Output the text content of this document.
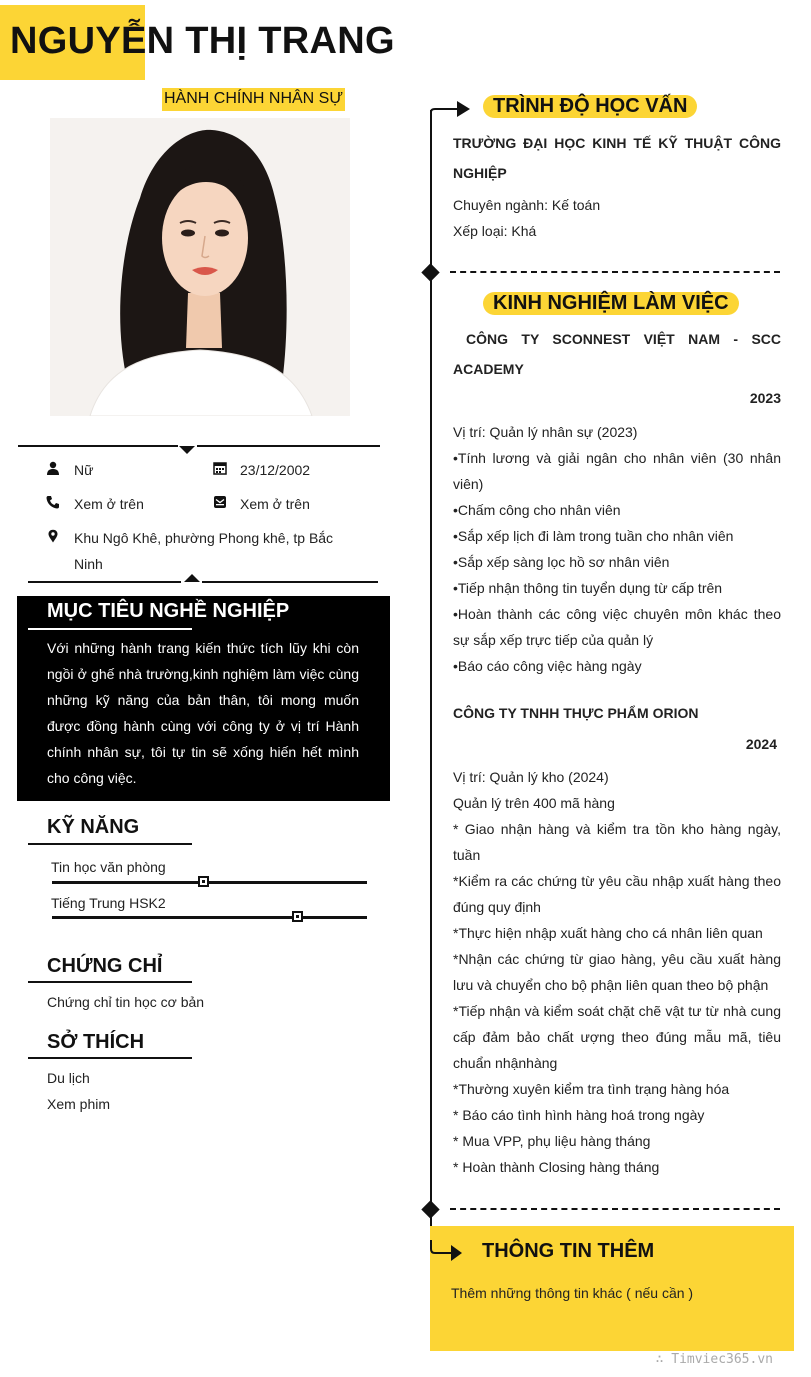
NGUYỄN THỊ TRANG
HÀNH CHÍNH NHÂN SỰ
Nữ	23/12/2002
Xem ở trên	Xem ở trên
Khu Ngô Khê, phường Phong khê, tp Bắc
Ninh
MỤC TIÊU NGHỀ NGHIỆP
Với những hành trang kiến thức tích lũy khi còn ngồi ở ghế nhà trường,kinh nghiệm làm việc cùng những kỹ năng của bản thân, tôi mong muốn được đồng hành cùng với công ty ở vị trí Hành chính nhân sự, tôi tự tin sẽ xống hiến hết mình cho công việc.
KỸ NĂNG
Tin học văn phòng
Tiếng Trung HSK2
CHỨNG CHỈ
Chứng chỉ tin học cơ bản
SỞ THÍCH
Du lịch
Xem phim
TRÌNH ĐỘ HỌC VẤN
TRƯỜNG ĐẠI HỌC KINH TẾ KỸ THUẬT CÔNG NGHIỆP
Chuyên ngành: Kế toán
Xếp loại: Khá
KINH NGHIỆM LÀM VIỆC
CÔNG TY SCONNEST VIỆT NAM - SCC ACADEMY
2023
Vị trí: Quản lý nhân sự (2023)
•Tính lương và giải ngân cho nhân viên (30 nhân viên)
•Chấm công cho nhân viên
•Sắp xếp lịch đi làm trong tuần cho nhân viên
•Sắp xếp sàng lọc hồ sơ nhân viên
•Tiếp nhận thông tin tuyển dụng từ cấp trên
•Hoàn thành các công việc chuyên môn khác theo sự sắp xếp trực tiếp của quản lý
•Báo cáo công việc hàng ngày
CÔNG TY TNHH THỰC PHẨM ORION
2024
Vị trí: Quản lý kho (2024)
Quản lý trên 400 mã hàng
* Giao nhận hàng và kiểm tra tồn kho hàng ngày, tuần
*Kiểm ra các chứng từ yêu cầu nhập xuất hàng theo đúng quy định
*Thực hiện nhập xuất hàng cho cá nhân liên quan
*Nhận các chứng từ giao hàng, yêu cầu xuất hàng lưu và chuyển cho bộ phận liên quan theo bộ phận
*Tiếp nhận và kiểm soát chặt chẽ vật tư từ nhà cung cấp đảm bảo chất ượng theo đúng mẫu mã, tiêu chuẩn nhậnhàng
*Thường xuyên kiểm tra tình trạng hàng hóa
* Báo cáo tình hình hàng hoá trong ngày
* Mua VPP, phụ liệu hàng tháng
* Hoàn thành Closing hàng tháng
THÔNG TIN THÊM
Thêm những thông tin khác ( nếu cần )
∴ Timviec365.vn
